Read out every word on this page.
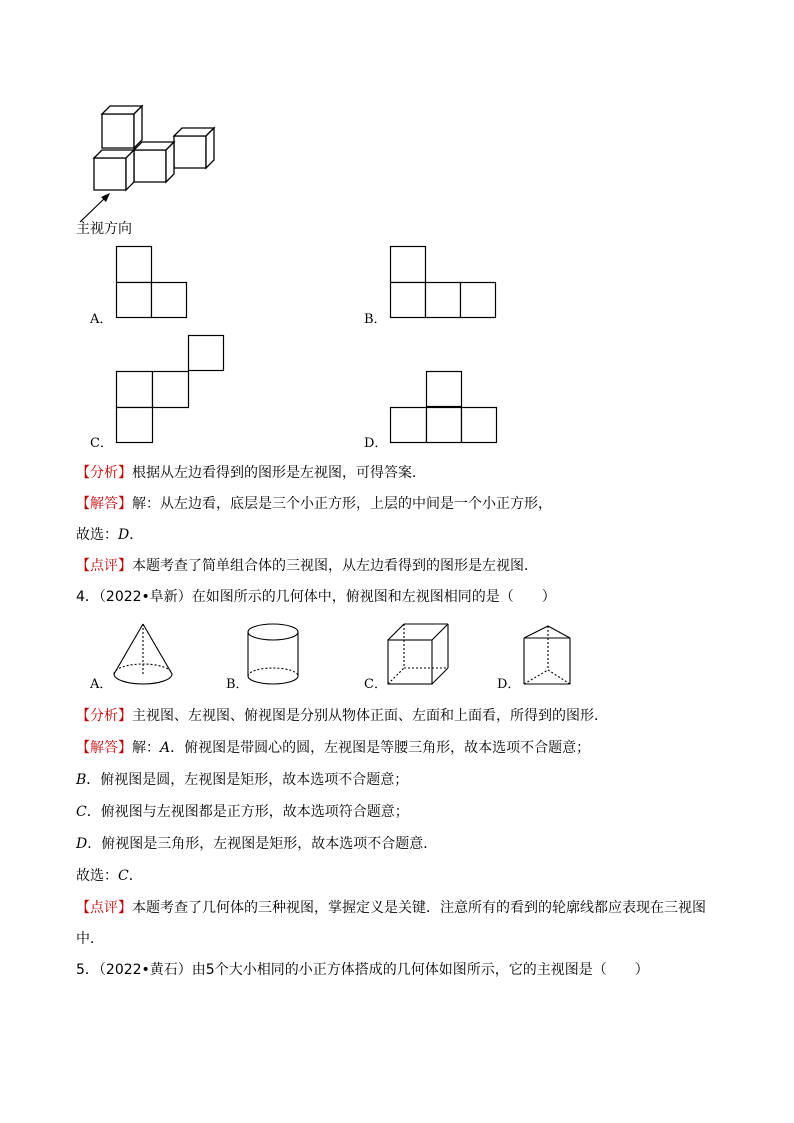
主视方向
A．	B．
C．	D．
【分析】根据从左边看得到的图形是左视图，可得答案．
【解答】解：从左边看，底层是三个小正方形，上层的中间是一个小正方形，
故选：D．
【点评】本题考查了简单组合体的三视图，从左边看得到的图形是左视图．
4．（2022•阜新）在如图所示的几何体中，俯视图和左视图相同的是（　　）
A．	B．	C．	D．
【分析】主视图、左视图、俯视图是分别从物体正面、左面和上面看，所得到的图形．
【解答】解：A．俯视图是带圆心的圆，左视图是等腰三角形，故本选项不合题意；
B．俯视图是圆，左视图是矩形，故本选项不合题意；
C．俯视图与左视图都是正方形，故本选项符合题意；
D．俯视图是三角形，左视图是矩形，故本选项不合题意．
故选：C．
【点评】本题考查了几何体的三种视图，掌握定义是关键．注意所有的看到的轮廓线都应表现在三视图
中．
5．（2022•黄石）由5个大小相同的小正方体搭成的几何体如图所示，它的主视图是（　　）
